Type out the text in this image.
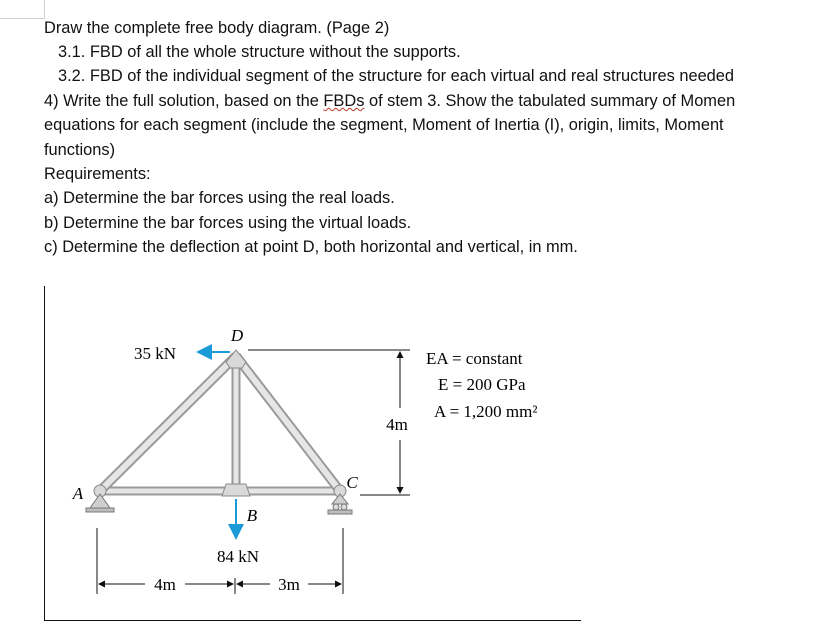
Draw the complete free body diagram. (Page 2)
3.1. FBD of all the whole structure without the supports.
3.2. FBD of the individual segment of the structure for each virtual and real structures needed
4) Write the full solution, based on the FBDs of stem 3. Show the tabulated summary of Momen
equations for each segment (include the segment, Moment of Inertia (I), origin, limits, Moment
functions)
Requirements:
a) Determine the bar forces using the real loads.
b) Determine the bar forces using the virtual loads.
c) Determine the deflection at point D, both horizontal and vertical, in mm.
D
A
C
B
35 kN
84 kN
4m
4m	3m
EA = constant
E = 200 GPa
A = 1,200 mm²
